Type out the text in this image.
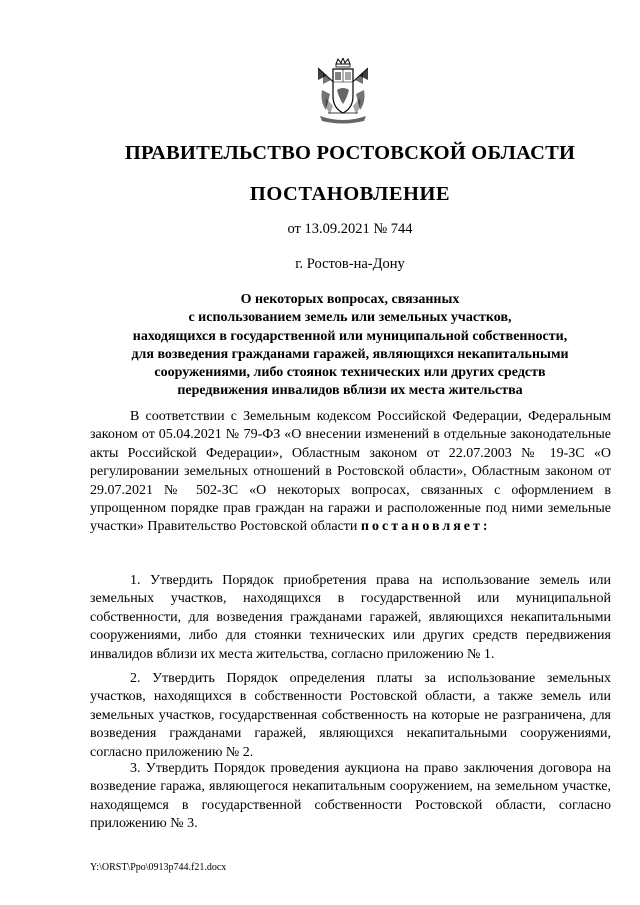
ПРАВИТЕЛЬСТВО РОСТОВСКОЙ ОБЛАСТИ
ПОСТАНОВЛЕНИЕ
от 13.09.2021 № 744
г. Ростов-на-Дону
О некоторых вопросах, связанных
с использованием земель или земельных участков,
находящихся в государственной или муниципальной собственности,
для возведения гражданами гаражей, являющихся некапитальными
сооружениями, либо стоянок технических или других средств
передвижения инвалидов вблизи их места жительства

В соответствии с Земельным кодексом Российской Федерации, Федеральным законом от 05.04.2021 № 79-ФЗ «О внесении изменений в отдельные законодательные акты Российской Федерации», Областным законом от 22.07.2003 № 19-ЗС «О регулировании земельных отношений в Ростовской области», Областным законом от 29.07.2021 № 502-ЗС «О некоторых вопросах, связанных с оформлением в упрощенном порядке прав граждан на гаражи и расположенные под ними земельные участки» Правительство Ростовской области постановляет:

1. Утвердить Порядок приобретения права на использование земель или земельных участков, находящихся в государственной или муниципальной собственности, для возведения гражданами гаражей, являющихся некапитальными сооружениями, либо для стоянки технических или других средств передвижения инвалидов вблизи их места жительства, согласно приложению № 1.

2. Утвердить Порядок определения платы за использование земельных участков, находящихся в собственности Ростовской области, а также земель или земельных участков, государственная собственность на которые не разграничена, для возведения гражданами гаражей, являющихся некапитальными сооружениями, согласно приложению № 2.

3. Утвердить Порядок проведения аукциона на право заключения договора на возведение гаража, являющегося некапитальным сооружением, на земельном участке, находящемся в государственной собственности Ростовской области, согласно приложению № 3.

Y:\ORST\Ppo\0913p744.f21.docx
